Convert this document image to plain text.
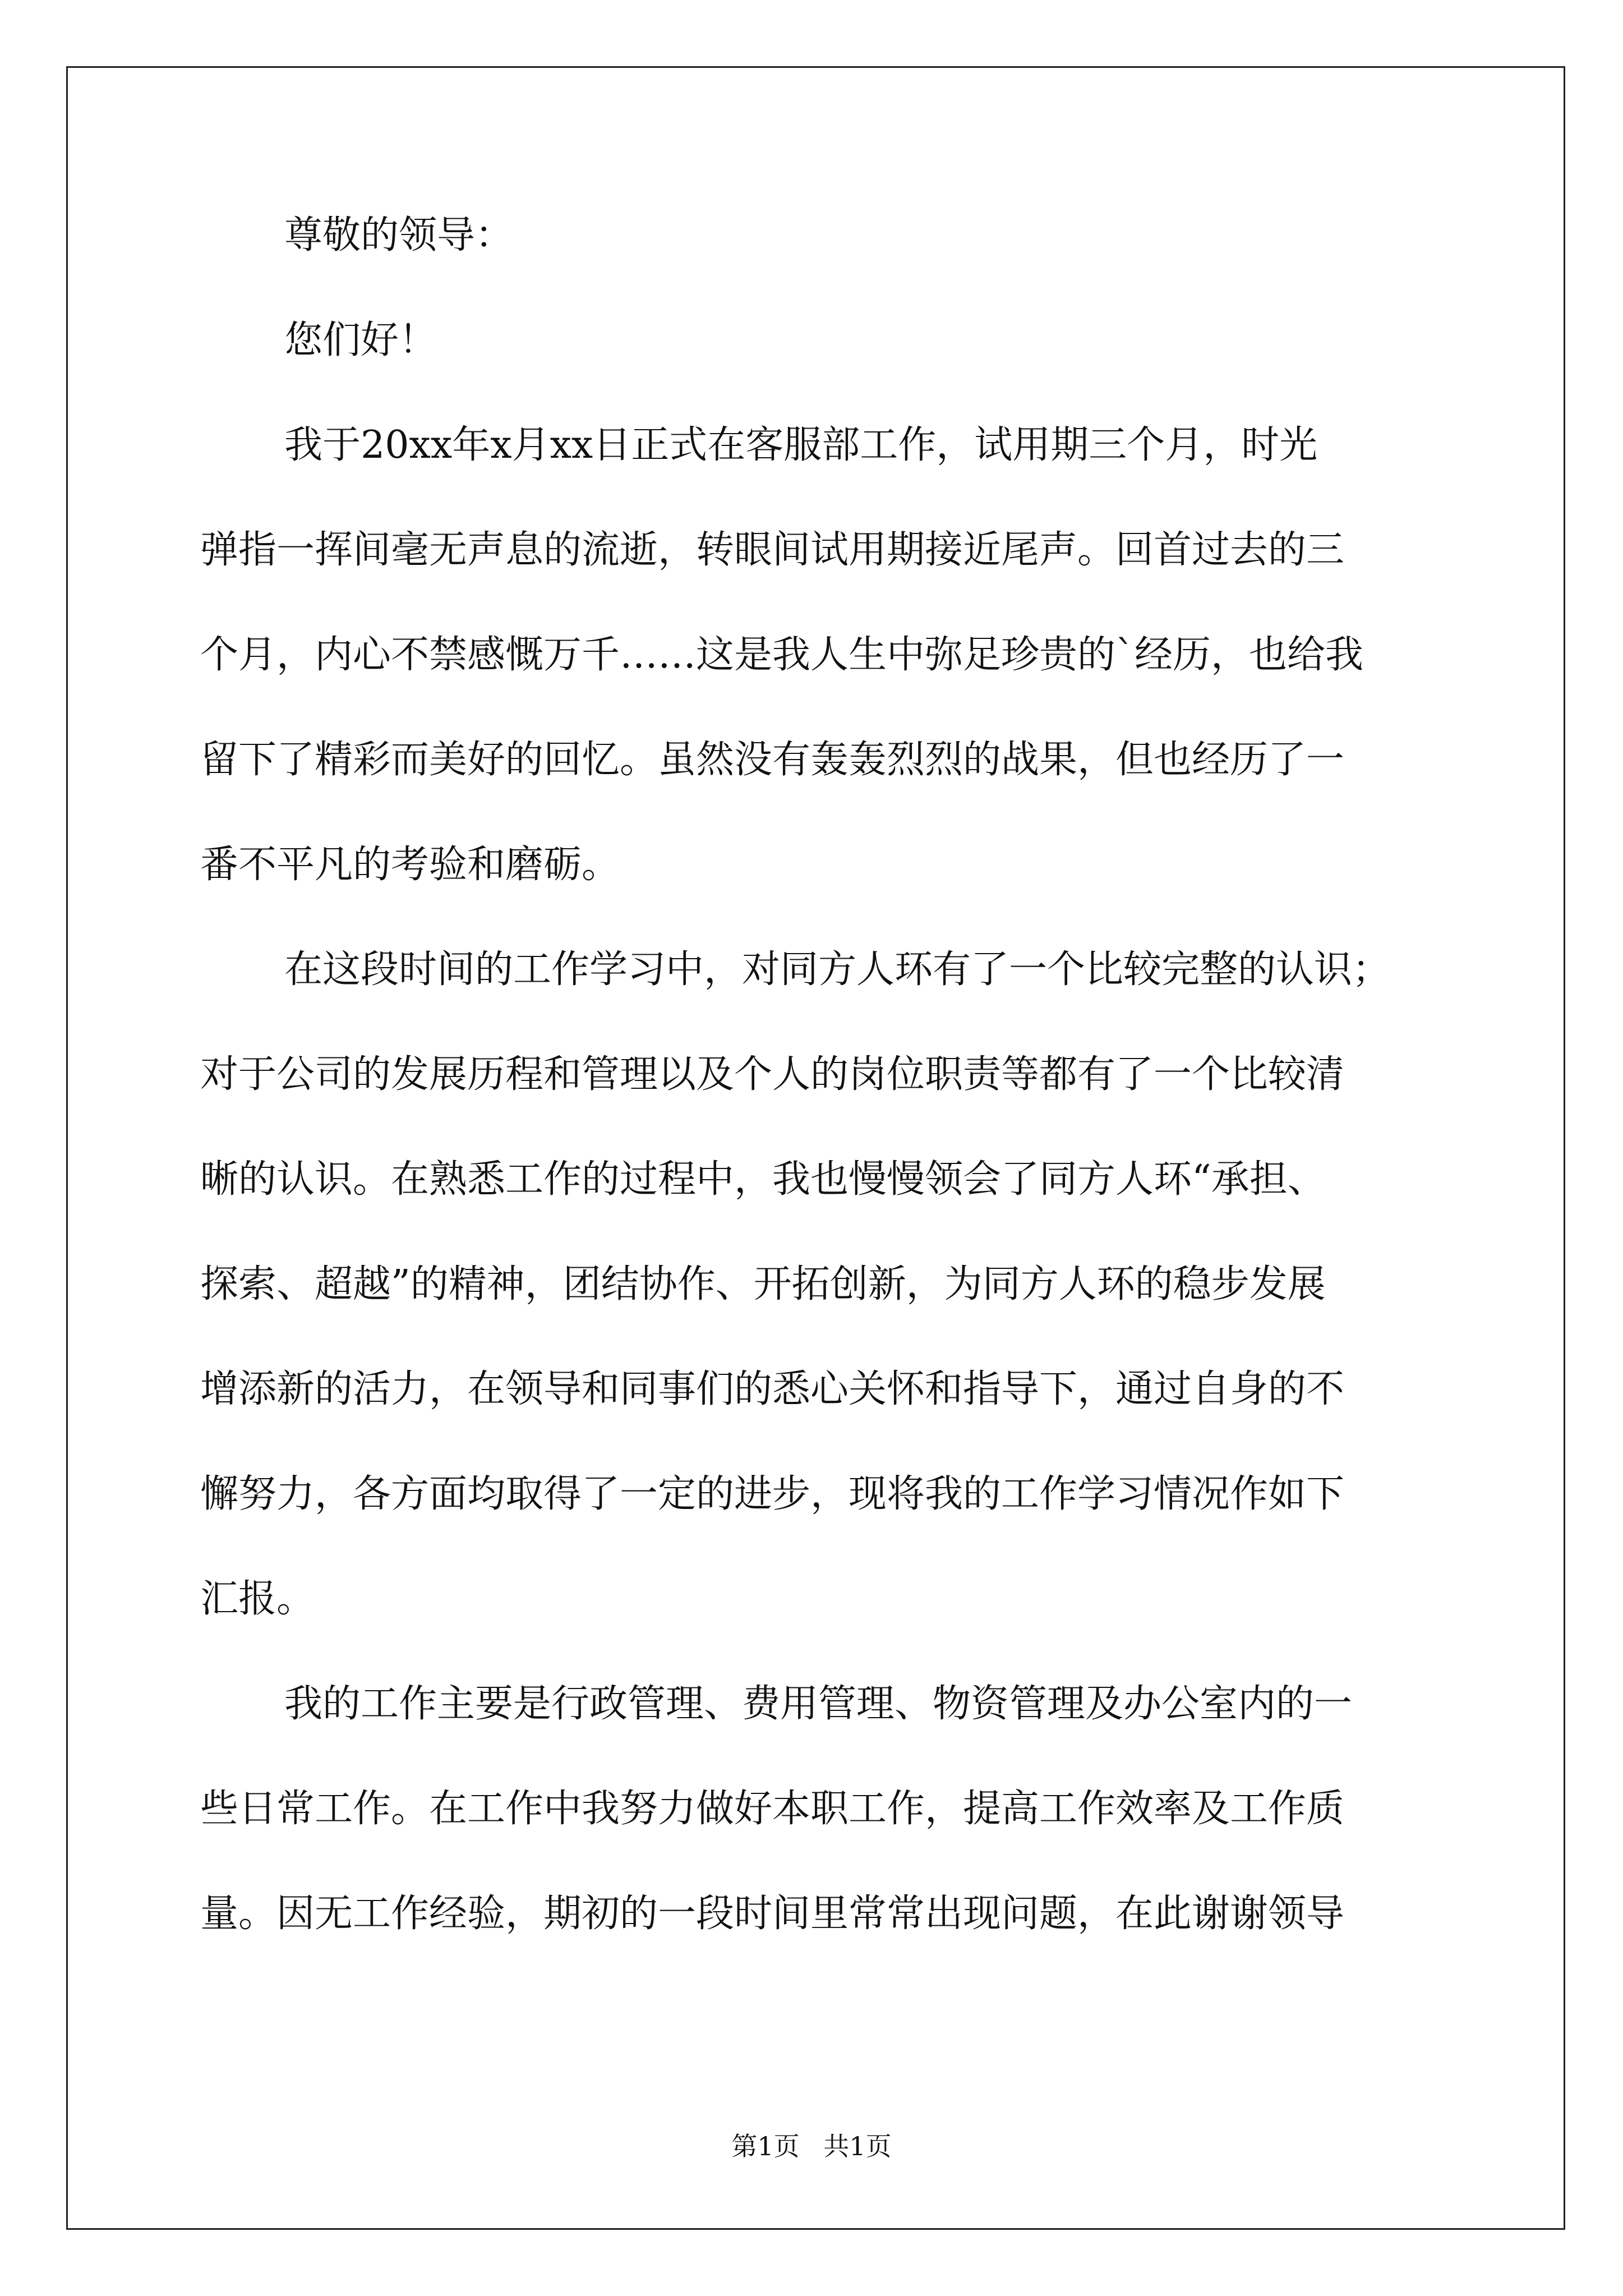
尊敬的领导：
您们好！
我于20xx年x月xx日正式在客服部工作，试用期三个月，时光
弹指一挥间毫无声息的流逝，转眼间试用期接近尾声。回首过去的三
个月，内心不禁感慨万千……这是我人生中弥足珍贵的`经历，也给我
留下了精彩而美好的回忆。虽然没有轰轰烈烈的战果，但也经历了一
番不平凡的考验和磨砺。
在这段时间的工作学习中，对同方人环有了一个比较完整的认识；
对于公司的发展历程和管理以及个人的岗位职责等都有了一个比较清
晰的认识。在熟悉工作的过程中，我也慢慢领会了同方人环“承担、
探索、超越”的精神，团结协作、开拓创新，为同方人环的稳步发展
增添新的活力，在领导和同事们的悉心关怀和指导下，通过自身的不
懈努力，各方面均取得了一定的进步，现将我的工作学习情况作如下
汇报。
我的工作主要是行政管理、费用管理、物资管理及办公室内的一
些日常工作。在工作中我努力做好本职工作，提高工作效率及工作质
量。因无工作经验，期初的一段时间里常常出现问题，在此谢谢领导
第1页 共1页
